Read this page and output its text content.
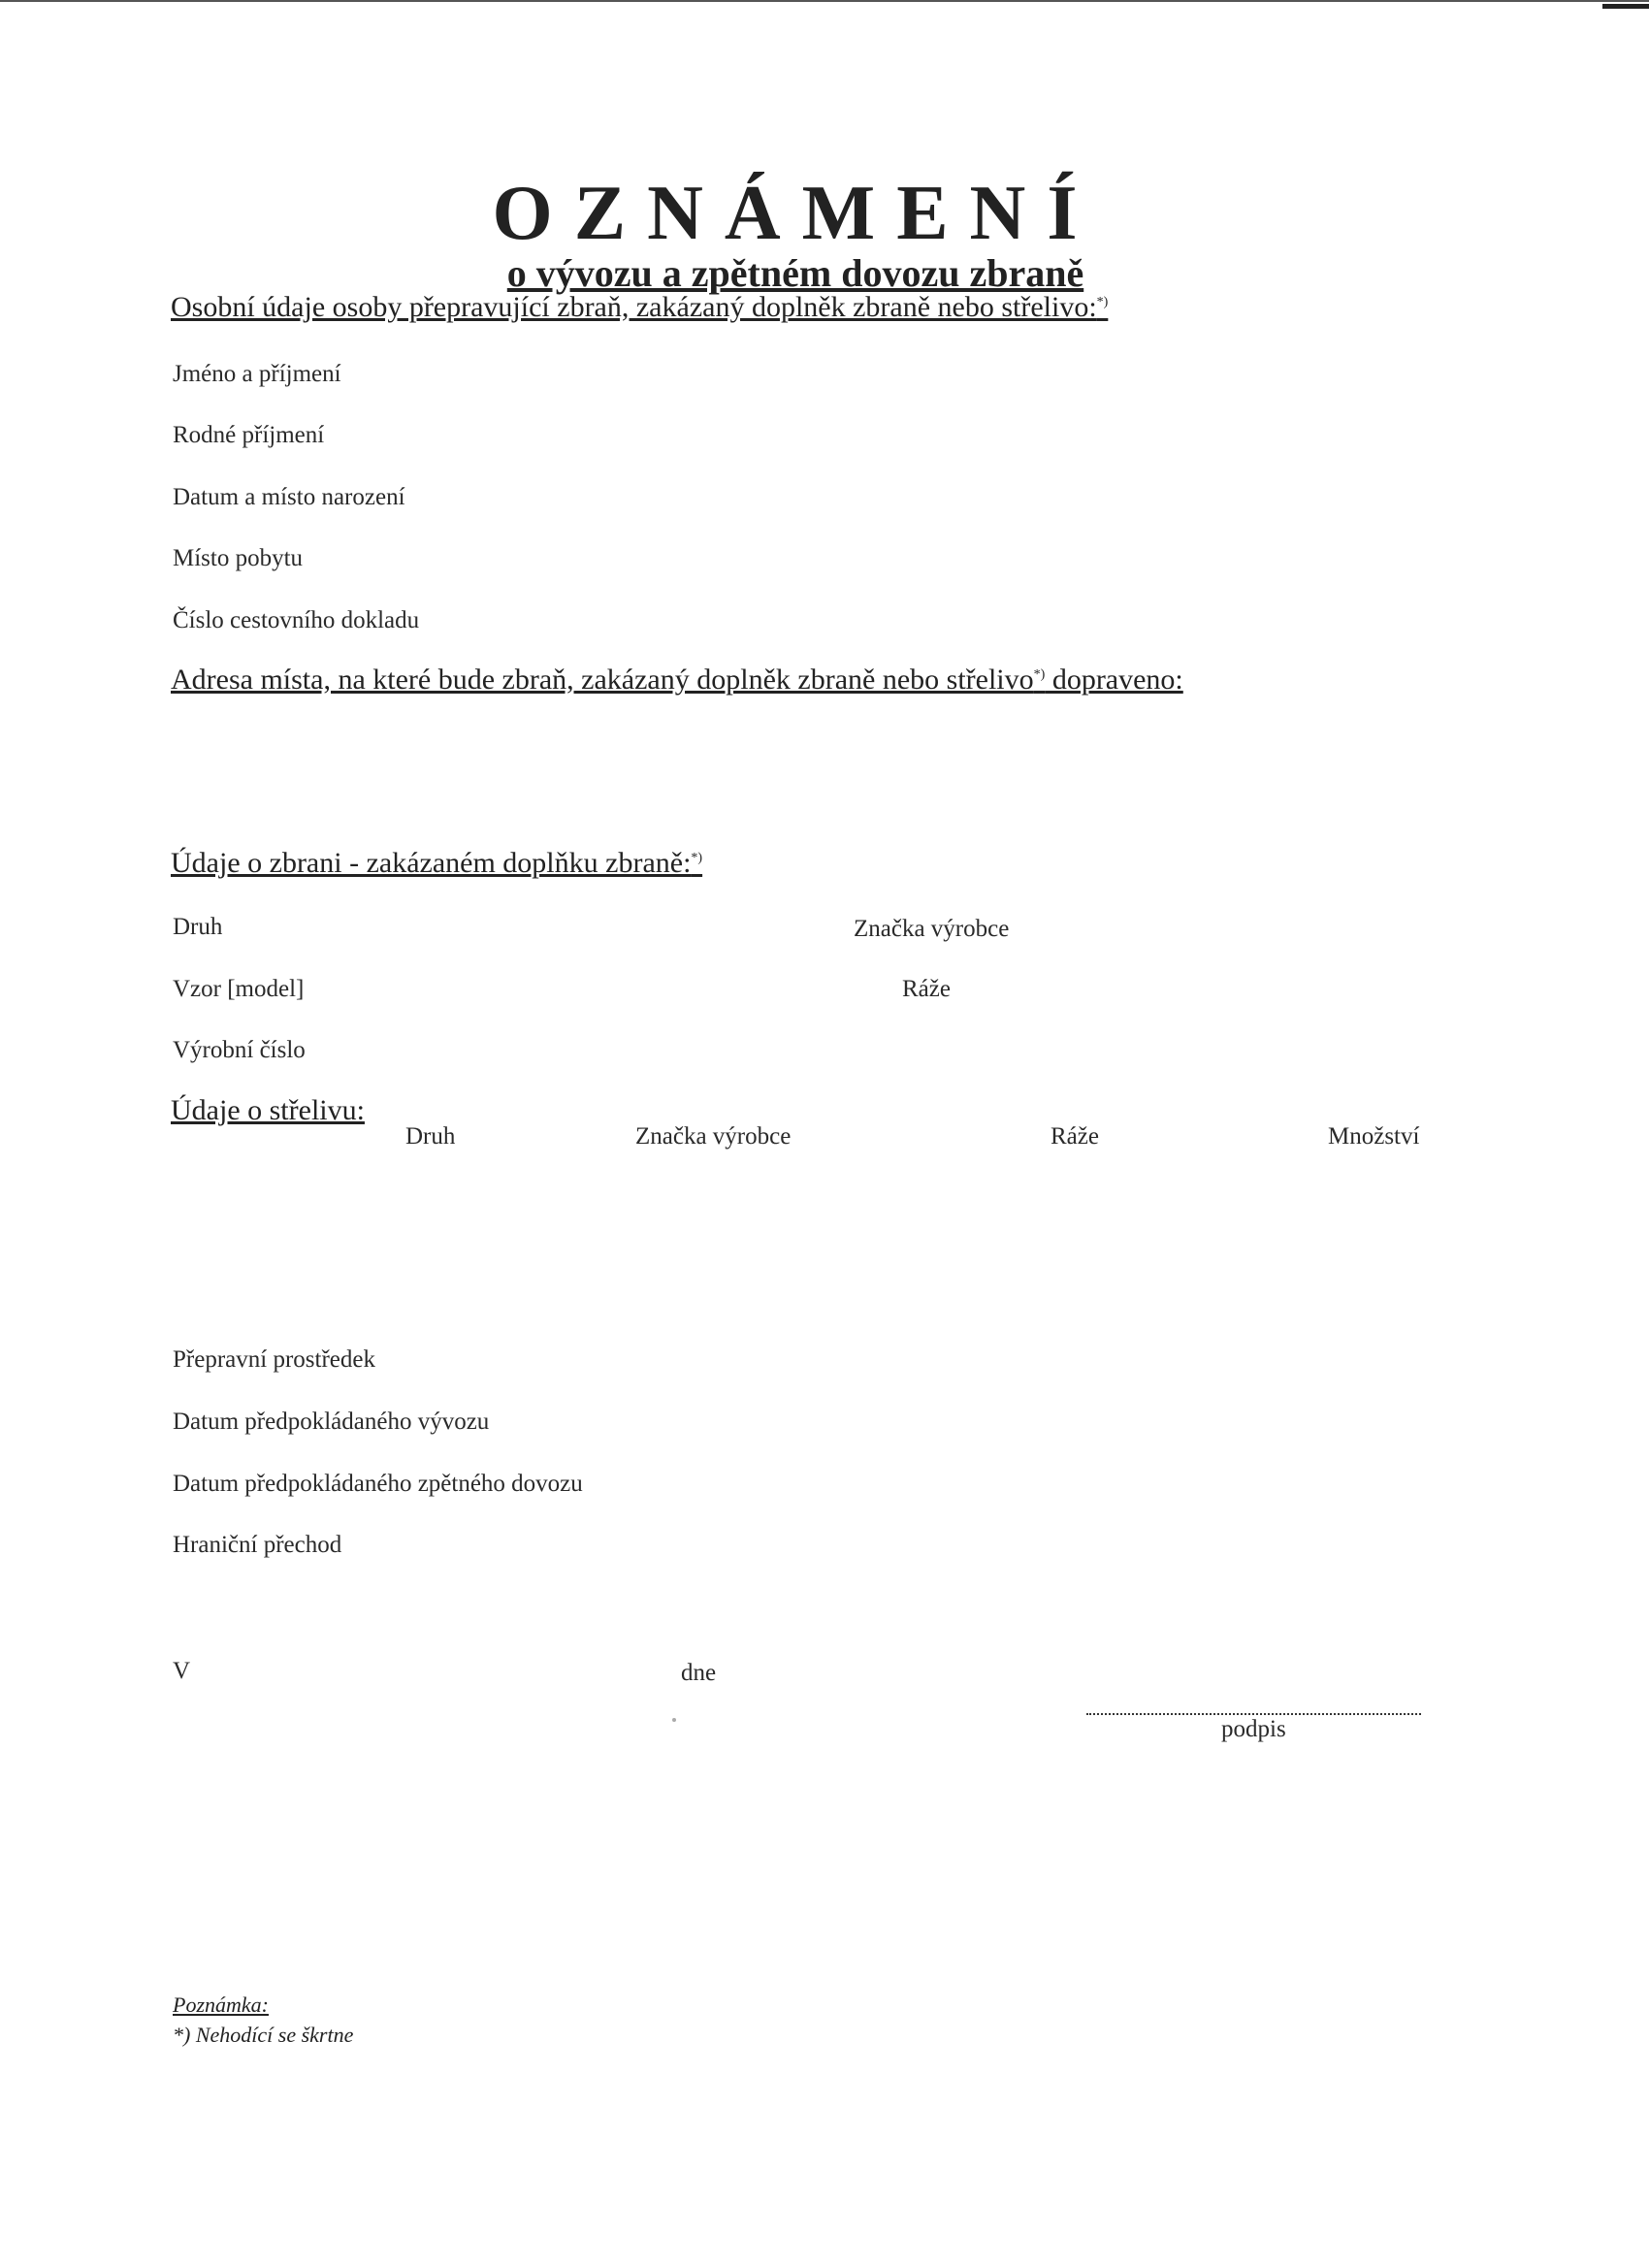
OZNÁMENÍ
o vývozu a zpětném dovozu zbraně
Osobní údaje osoby přepravující zbraň, zakázaný doplněk zbraně nebo střelivo:*)
Jméno a příjmení
Rodné příjmení
Datum a místo narození
Místo pobytu
Číslo cestovního dokladu
Adresa místa, na které bude zbraň, zakázaný doplněk zbraně nebo střelivo*) dopraveno:
Údaje o zbrani - zakázaném doplňku zbraně:*)
Druh	Značka výrobce
Vzor [model]	Ráže
Výrobní číslo
Údaje o střelivu:
Druh	Značka výrobce	Ráže	Množství
Přepravní prostředek
Datum předpokládaného vývozu
Datum předpokládaného zpětného dovozu
Hraniční přechod
V	dne
podpis
Poznámka:
*) Nehodící se škrtne
